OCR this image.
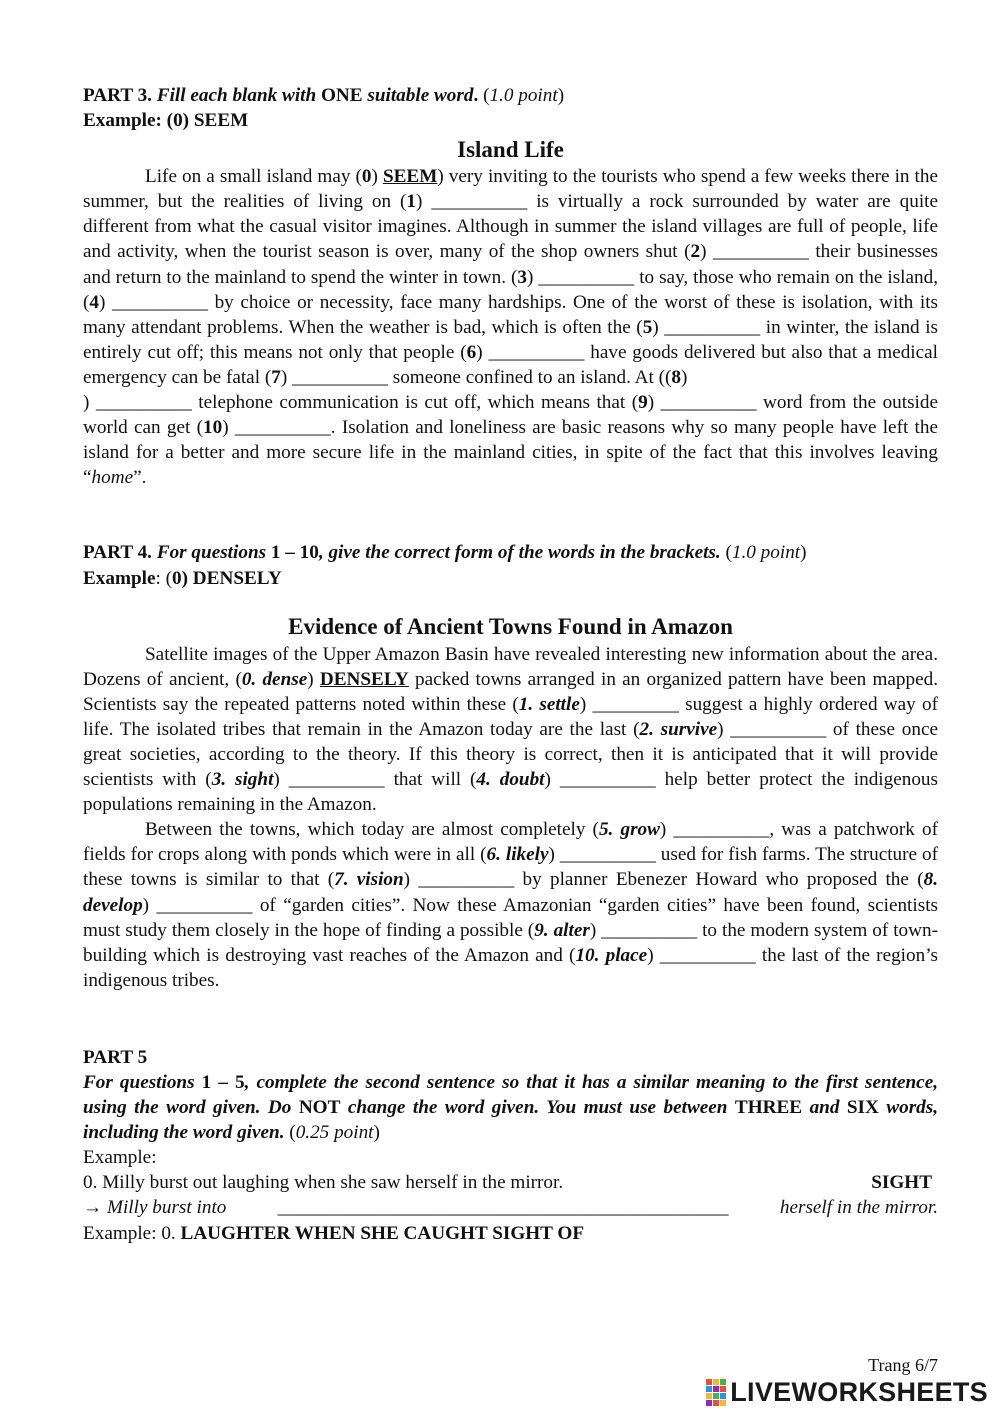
PART 3. Fill each blank with ONE suitable word. (1.0 point)

Example: (0) SEEM

Island Life

Life on a small island may (0) SEEM) very inviting to the tourists who spend a few weeks there in the summer, but the realities of living on (1) __________ is virtually a rock surrounded by water are quite different from what the casual visitor imagines. Although in summer the island villages are full of people, life and activity, when the tourist season is over, many of the shop owners shut (2) __________ their businesses and return to the mainland to spend the winter in town. (3) __________ to say, those who remain on the island, (4) __________ by choice or necessity, face many hardships. One of the worst of these is isolation, with its many attendant problems. When the weather is bad, which is often the (5) __________ in winter, the island is entirely cut off; this means not only that people (6) __________ have goods delivered but also that a medical emergency can be fatal (7) __________ someone confined to an island. At ((8)
) __________ telephone communication is cut off, which means that (9) __________ word from the outside world can get (10) __________. Isolation and loneliness are basic reasons why so many people have left the island for a better and more secure life in the mainland cities, in spite of the fact that this involves leaving “home”.

PART 4. For questions 1 – 10, give the correct form of the words in the brackets. (1.0 point)

Example: (0) DENSELY

Evidence of Ancient Towns Found in Amazon

Satellite images of the Upper Amazon Basin have revealed interesting new information about the area. Dozens of ancient, (0. dense) DENSELY packed towns arranged in an organized pattern have been mapped. Scientists say the repeated patterns noted within these (1. settle) _________ suggest a highly ordered way of life. The isolated tribes that remain in the Amazon today are the last (2. survive) __________ of these once great societies, according to the theory. If this theory is correct, then it is anticipated that it will provide scientists with (3. sight) __________ that will (4. doubt) __________ help better protect the indigenous populations remaining in the Amazon.

Between the towns, which today are almost completely (5. grow) __________, was a patchwork of fields for crops along with ponds which were in all (6. likely) __________ used for fish farms. The structure of these towns is similar to that (7. vision) __________ by planner Ebenezer Howard who proposed the (8. develop) __________ of “garden cities”. Now these Amazonian “garden cities” have been found, scientists must study them closely in the hope of finding a possible (9. alter) __________ to the modern system of town-building which is destroying vast reaches of the Amazon and (10. place) __________ the last of the region’s indigenous tribes.

PART 5

For questions 1 – 5, complete the second sentence so that it has a similar meaning to the first sentence, using the word given. Do NOT change the word given. You must use between THREE and SIX words, including the word given. (0.25 point)

Example:

0. Milly burst out laughing when she saw herself in the mirror.	SIGHT
→ Milly burst into	_______________________________________________	herself in the mirror.

Example: 0. LAUGHTER WHEN SHE CAUGHT SIGHT OF

Trang 6/7
LIVEWORKSHEETS
